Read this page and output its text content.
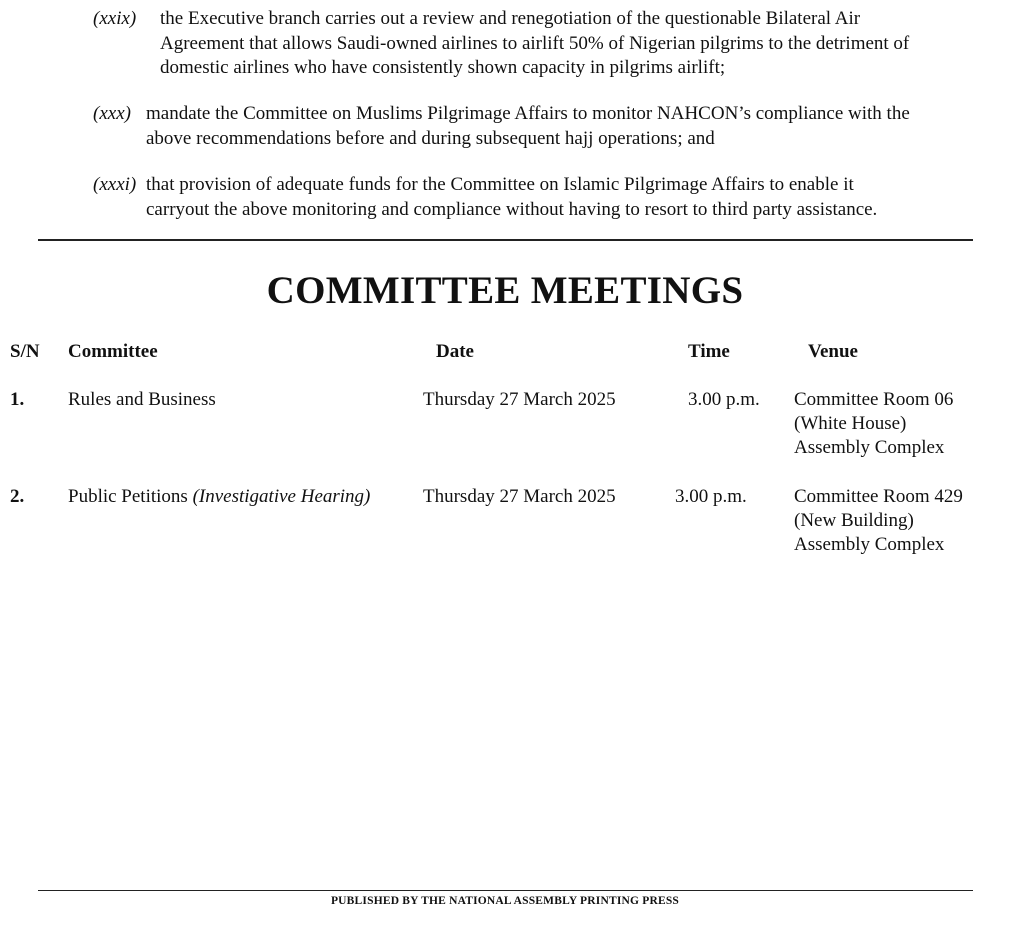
(xxix) the Executive branch carries out a review and renegotiation of the questionable Bilateral Air
Agreement that allows Saudi-owned airlines to airlift 50% of Nigerian pilgrims to the detriment of
domestic airlines who have consistently shown capacity in pilgrims airlift;
(xxx) mandate the Committee on Muslims Pilgrimage Affairs to monitor NAHCON’s compliance with the
above recommendations before and during subsequent hajj operations; and
(xxxi) that provision of adequate funds for the Committee on Islamic Pilgrimage Affairs to enable it
carryout the above monitoring and compliance without having to resort to third party assistance.
COMMITTEE MEETINGS
S/N Committee	Date	Time	Venue
1. Rules and Business	Thursday 27 March 2025	3.00 p.m. Committee Room 06
(White House)
Assembly Complex
2. Public Petitions (Investigative Hearing)	Thursday 27 March 2025	3.00 p.m. Committee Room 429
(New Building)
Assembly Complex
PUBLISHED BY THE NATIONAL ASSEMBLY PRINTING PRESS
